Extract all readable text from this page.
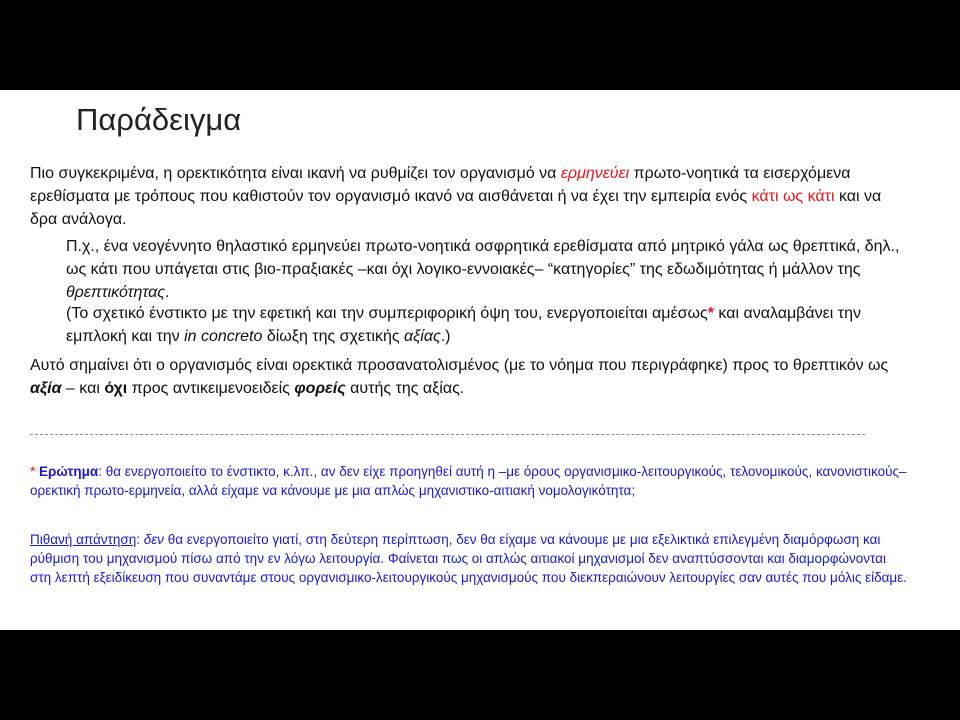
Παράδειγμα

Πιο συγκεκριμένα, η ορεκτικότητα είναι ικανή να ρυθμίζει τον οργανισμό να ερμηνεύει πρωτο-νοητικά τα εισερχόμενα ερεθίσματα με τρόπους που καθιστούν τον οργανισμό ικανό να αισθάνεται ή να έχει την εμπειρία ενός κάτι ως κάτι και να δρα ανάλογα.

Π.χ., ένα νεογέννητο θηλαστικό ερμηνεύει πρωτο-νοητικά οσφρητικά ερεθίσματα από μητρικό γάλα ως θρεπτικά, δηλ., ως κάτι που υπάγεται στις βιο-πραξιακές –και όχι λογικο-εννοιακές– “κατηγορίες” της εδωδιμότητας ή μάλλον της θρεπτικότητας.

(Το σχετικό ένστικτο με την εφετική και την συμπεριφορική όψη του, ενεργοποιείται αμέσως* και αναλαμβάνει την εμπλοκή και την in concreto δίωξη της σχετικής αξίας.)

Αυτό σημαίνει ότι ο οργανισμός είναι ορεκτικά προσανατολισμένος (με το νόημα που περιγράφηκε) προς το θρεπτικόν ως αξία – και όχι προς αντικειμενοειδείς φορείς αυτής της αξίας.

* Ερώτημα: θα ενεργοποιείτο το ένστικτο, κ.λπ., αν δεν είχε προηγηθεί αυτή η –με όρους οργανισμικο-λειτουργικούς, τελονομικούς, κανονιστικούς– ορεκτική πρωτο-ερμηνεία, αλλά είχαμε να κάνουμε με μια απλώς μηχανιστικο-αιτιακή νομολογικότητα;

Πιθανή απάντηση: δεν θα ενεργοποιείτο γιατί, στη δεύτερη περίπτωση, δεν θα είχαμε να κάνουμε με μια εξελικτικά επιλεγμένη διαμόρφωση και ρύθμιση του μηχανισμού πίσω από την εν λόγω λειτουργία. Φαίνεται πως οι απλώς αιτιακοί μηχανισμοί δεν αναπτύσσονται και διαμορφώνονται στη λεπτή εξειδίκευση που συναντάμε στους οργανισμικο-λειτουργικούς μηχανισμούς που διεκπεραιώνουν λειτουργίες σαν αυτές που μόλις είδαμε.
